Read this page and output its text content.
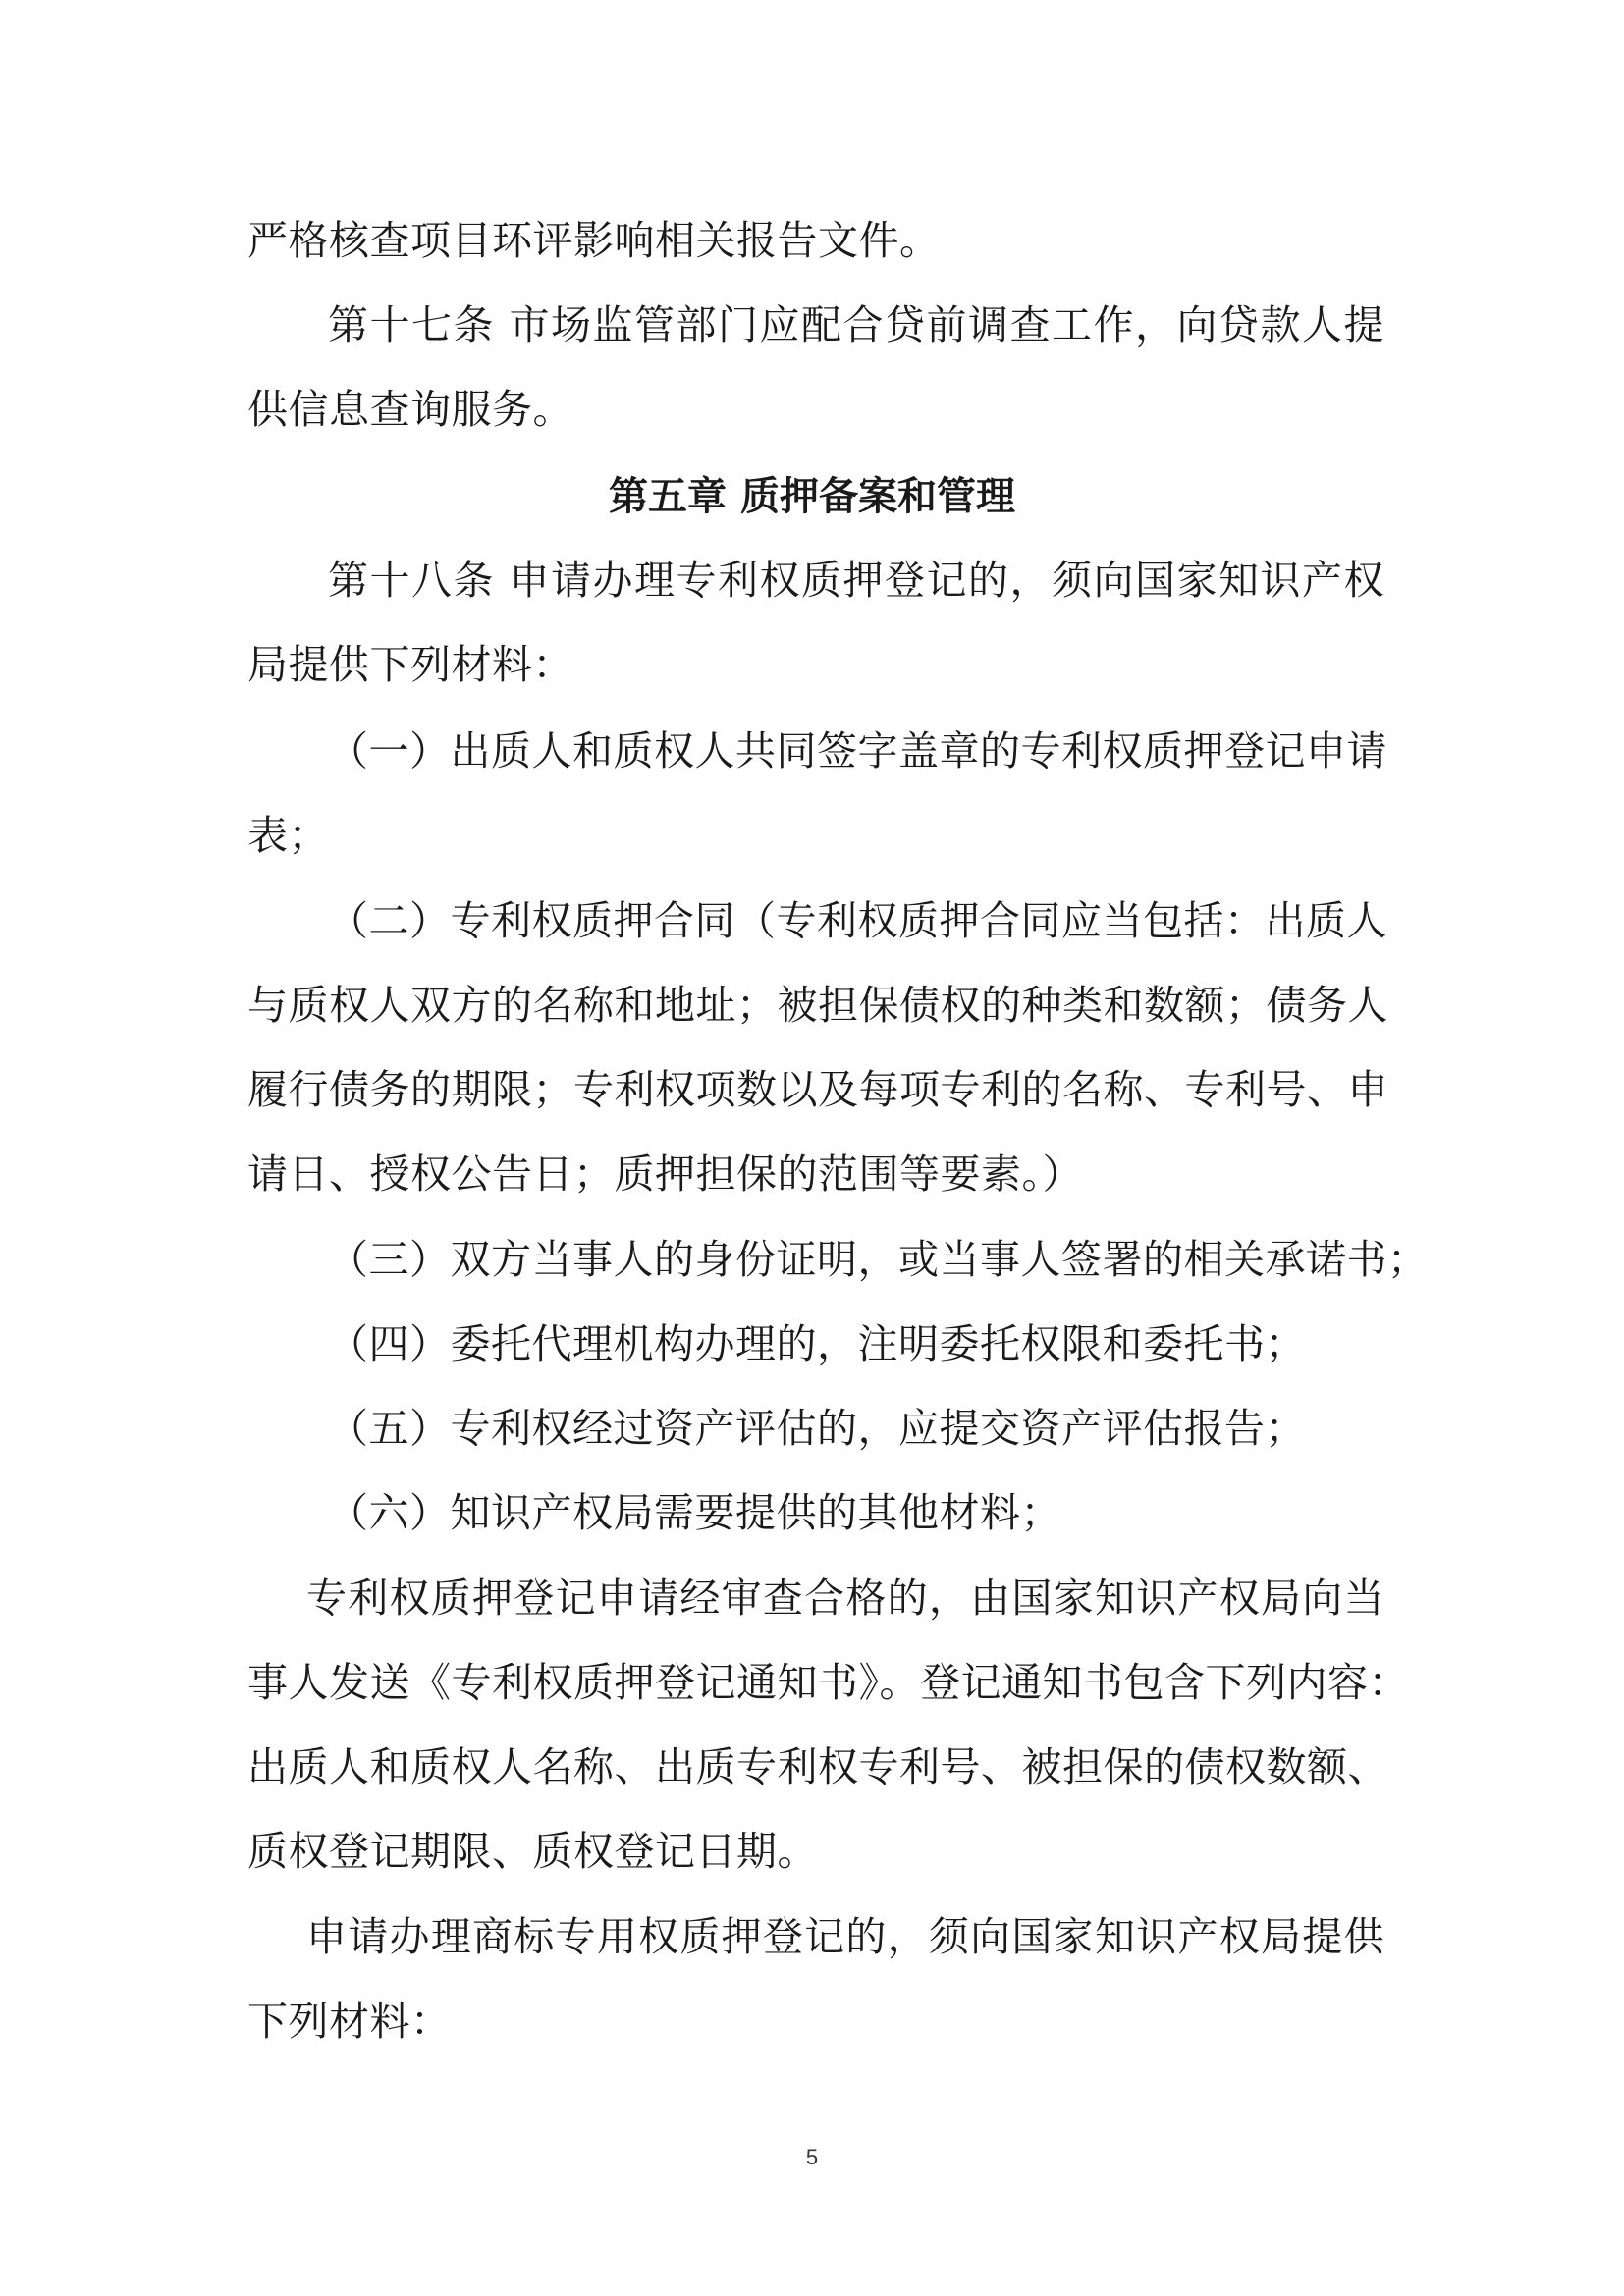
严格核查项目环评影响相关报告文件。
第十七条 市场监管部门应配合贷前调查工作，向贷款人提
供信息查询服务。
第五章 质押备案和管理
第十八条 申请办理专利权质押登记的，须向国家知识产权
局提供下列材料：
（一）出质人和质权人共同签字盖章的专利权质押登记申请
表；
（二）专利权质押合同（专利权质押合同应当包括：出质人
与质权人双方的名称和地址；被担保债权的种类和数额；债务人
履行债务的期限；专利权项数以及每项专利的名称、专利号、申
请日、授权公告日；质押担保的范围等要素。）
（三）双方当事人的身份证明，或当事人签署的相关承诺书；
（四）委托代理机构办理的，注明委托权限和委托书；
（五）专利权经过资产评估的，应提交资产评估报告；
（六）知识产权局需要提供的其他材料；
专利权质押登记申请经审查合格的，由国家知识产权局向当
事人发送《专利权质押登记通知书》。登记通知书包含下列内容：
出质人和质权人名称、出质专利权专利号、被担保的债权数额、
质权登记期限、质权登记日期。
申请办理商标专用权质押登记的，须向国家知识产权局提供
下列材料：
5
